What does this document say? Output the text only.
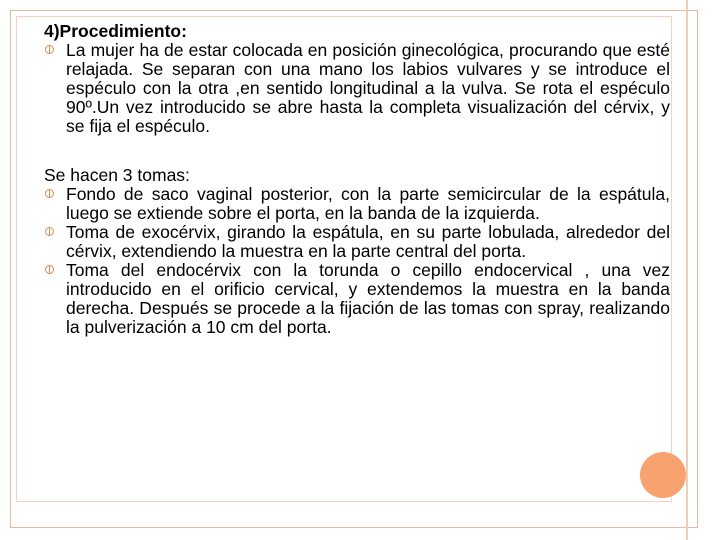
4)Procedimiento:

La mujer ha de estar colocada en posición ginecológica, procurando que esté relajada. Se separan con una mano los labios vulvares y se introduce el espéculo con la otra ,en sentido longitudinal a la vulva. Se rota el espéculo 90º.Un vez introducido se abre hasta la completa visualización del cérvix, y se fija el espéculo.

Se hacen 3 tomas:

Fondo de saco vaginal posterior, con la parte semicircular de la espátula, luego se extiende sobre el porta, en la banda de la izquierda.

Toma de exocérvix, girando la espátula, en su parte lobulada, alrededor del cérvix, extendiendo la muestra en la parte central del porta.

Toma del endocérvix con la torunda o cepillo endocervical , una vez introducido en el orificio cervical, y extendemos la muestra en la banda derecha. Después se procede a la fijación de las tomas con spray, realizando la pulverización a 10 cm del porta.
